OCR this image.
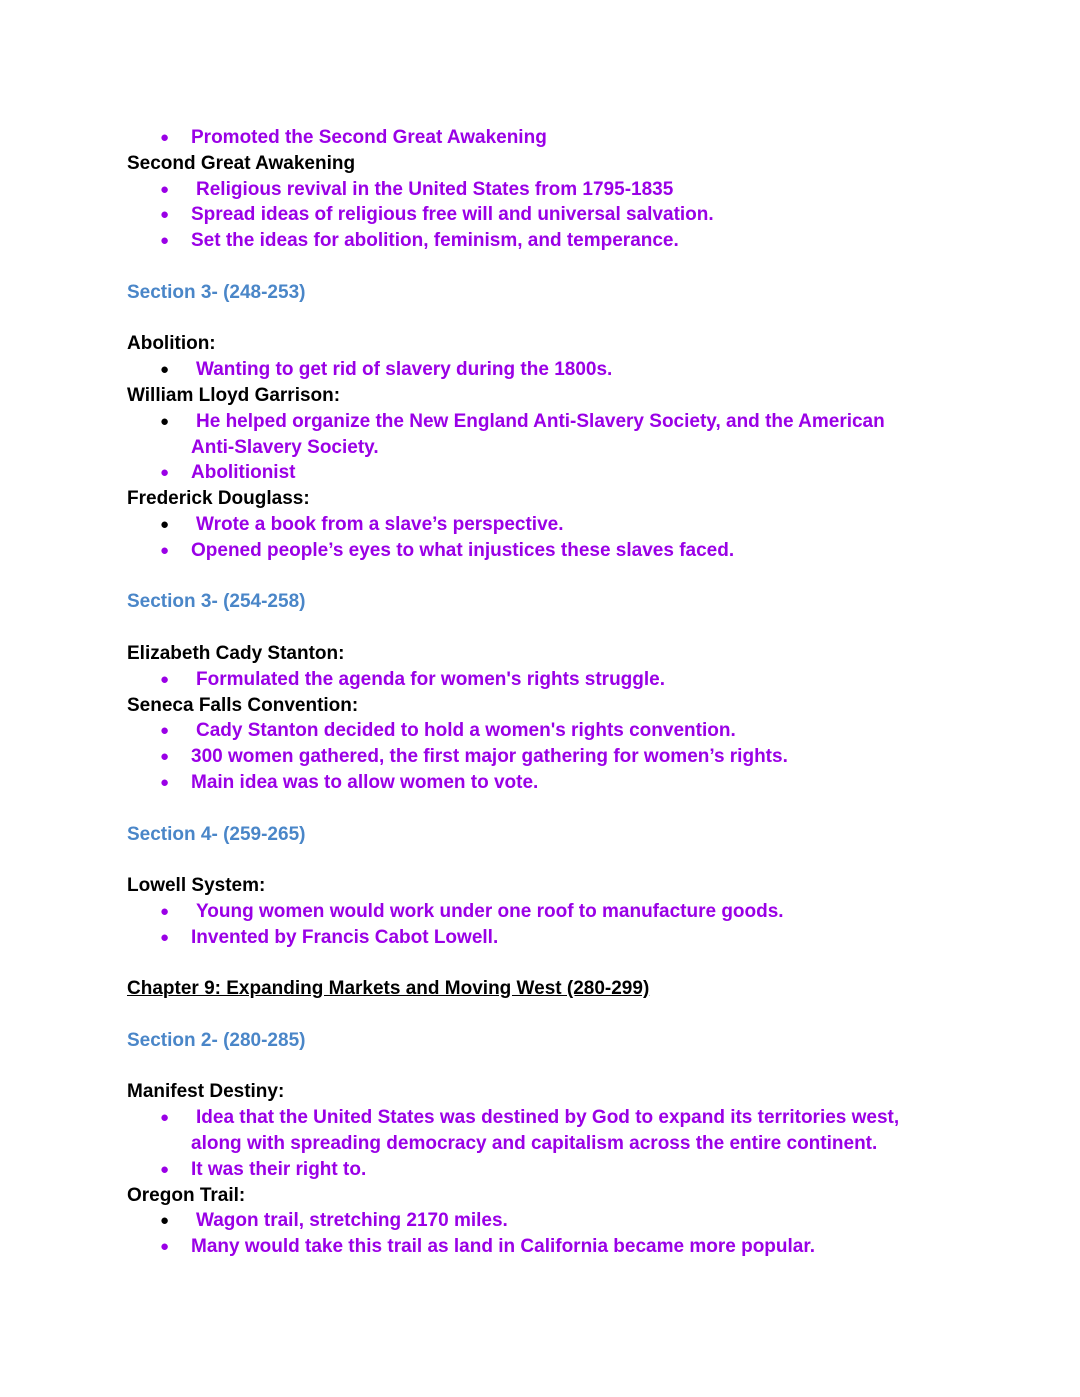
● Promoted the Second Great Awakening
Second Great Awakening
● Religious revival in the United States from 1795-1835
● Spread ideas of religious free will and universal salvation.
● Set the ideas for abolition, feminism, and temperance.
Section 3- (248-253)
Abolition:
● Wanting to get rid of slavery during the 1800s.
William Lloyd Garrison:
● He helped organize the New England Anti-Slavery Society, and the American
Anti-Slavery Society.
● Abolitionist
Frederick Douglass:
● Wrote a book from a slave’s perspective.
● Opened people’s eyes to what injustices these slaves faced.
Section 3- (254-258)
Elizabeth Cady Stanton:
● Formulated the agenda for women's rights struggle.
Seneca Falls Convention:
● Cady Stanton decided to hold a women's rights convention.
● 300 women gathered, the first major gathering for women’s rights.
● Main idea was to allow women to vote.
Section 4- (259-265)
Lowell System:
● Young women would work under one roof to manufacture goods.
● Invented by Francis Cabot Lowell.
Chapter 9: Expanding Markets and Moving West (280-299)
Section 2- (280-285)
Manifest Destiny:
● Idea that the United States was destined by God to expand its territories west,
along with spreading democracy and capitalism across the entire continent.
● It was their right to.
Oregon Trail:
● Wagon trail, stretching 2170 miles.
● Many would take this trail as land in California became more popular.
